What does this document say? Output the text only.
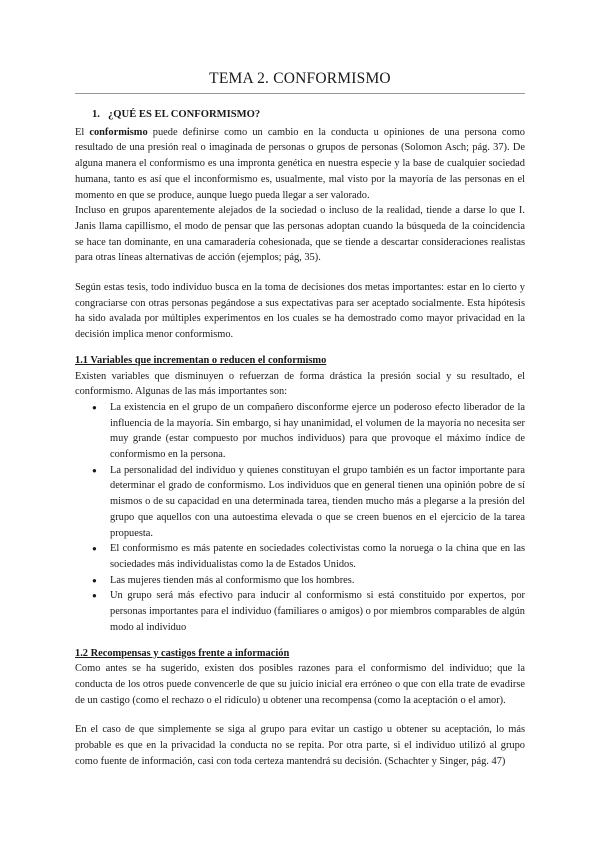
TEMA 2. CONFORMISMO
1. ¿QUÉ ES EL CONFORMISMO?

El conformismo puede definirse como un cambio en la conducta u opiniones de una persona como resultado de una presión real o imaginada de personas o grupos de personas (Solomon Asch; pág. 37). De alguna manera el conformismo es una impronta genética en nuestra especie y la base de cualquier sociedad humana, tanto es así que el inconformismo es, usualmente, mal visto por la mayoría de las personas en el momento en que se produce, aunque luego pueda llegar a ser valorado.

Incluso en grupos aparentemente alejados de la sociedad o incluso de la realidad, tiende a darse lo que I. Janis llama capillismo, el modo de pensar que las personas adoptan cuando la búsqueda de la coincidencia se hace tan dominante, en una camaradería cohesionada, que se tiende a descartar consideraciones realistas para otras líneas alternativas de acción (ejemplos; pág, 35).

Según estas tesis, todo individuo busca en la toma de decisiones dos metas importantes: estar en lo cierto y congraciarse con otras personas pegándose a sus expectativas para ser aceptado socialmente. Esta hipótesis ha sido avalada por múltiples experimentos en los cuales se ha demostrado como mayor privacidad en la decisión implica menor conformismo.

1.1 Variables que incrementan o reducen el conformismo

Existen variables que disminuyen o refuerzan de forma drástica la presión social y su resultado, el conformismo. Algunas de las más importantes son:

● La existencia en el grupo de un compañero disconforme ejerce un poderoso efecto liberador de la influencia de la mayoría. Sin embargo, si hay unanimidad, el volumen de la mayoría no necesita ser muy grande (estar compuesto por muchos individuos) para que provoque el máximo índice de conformismo en la persona.
● La personalidad del individuo y quienes constituyan el grupo también es un factor importante para determinar el grado de conformismo. Los individuos que en general tienen una opinión pobre de sí mismos o de su capacidad en una determinada tarea, tienden mucho más a plegarse a la presión del grupo que aquellos con una autoestima elevada o que se creen buenos en el ejercicio de la tarea propuesta.
● El conformismo es más patente en sociedades colectivistas como la noruega o la china que en las sociedades más individualistas como la de Estados Unidos.
● Las mujeres tienden más al conformismo que los hombres.
● Un grupo será más efectivo para inducir al conformismo si está constituido por expertos, por personas importantes para el individuo (familiares o amigos) o por miembros comparables de algún modo al individuo

1.2 Recompensas y castigos frente a información

Como antes se ha sugerido, existen dos posibles razones para el conformismo del individuo; que la conducta de los otros puede convencerle de que su juicio inicial era erróneo o que con ella trate de evadirse de un castigo (como el rechazo o el ridículo) u obtener una recompensa (como la aceptación o el amor).

En el caso de que simplemente se siga al grupo para evitar un castigo u obtener su aceptación, lo más probable es que en la privacidad la conducta no se repita. Por otra parte, si el individuo utilizó al grupo como fuente de información, casi con toda certeza mantendrá su decisión. (Schachter y Singer, pág. 47)
